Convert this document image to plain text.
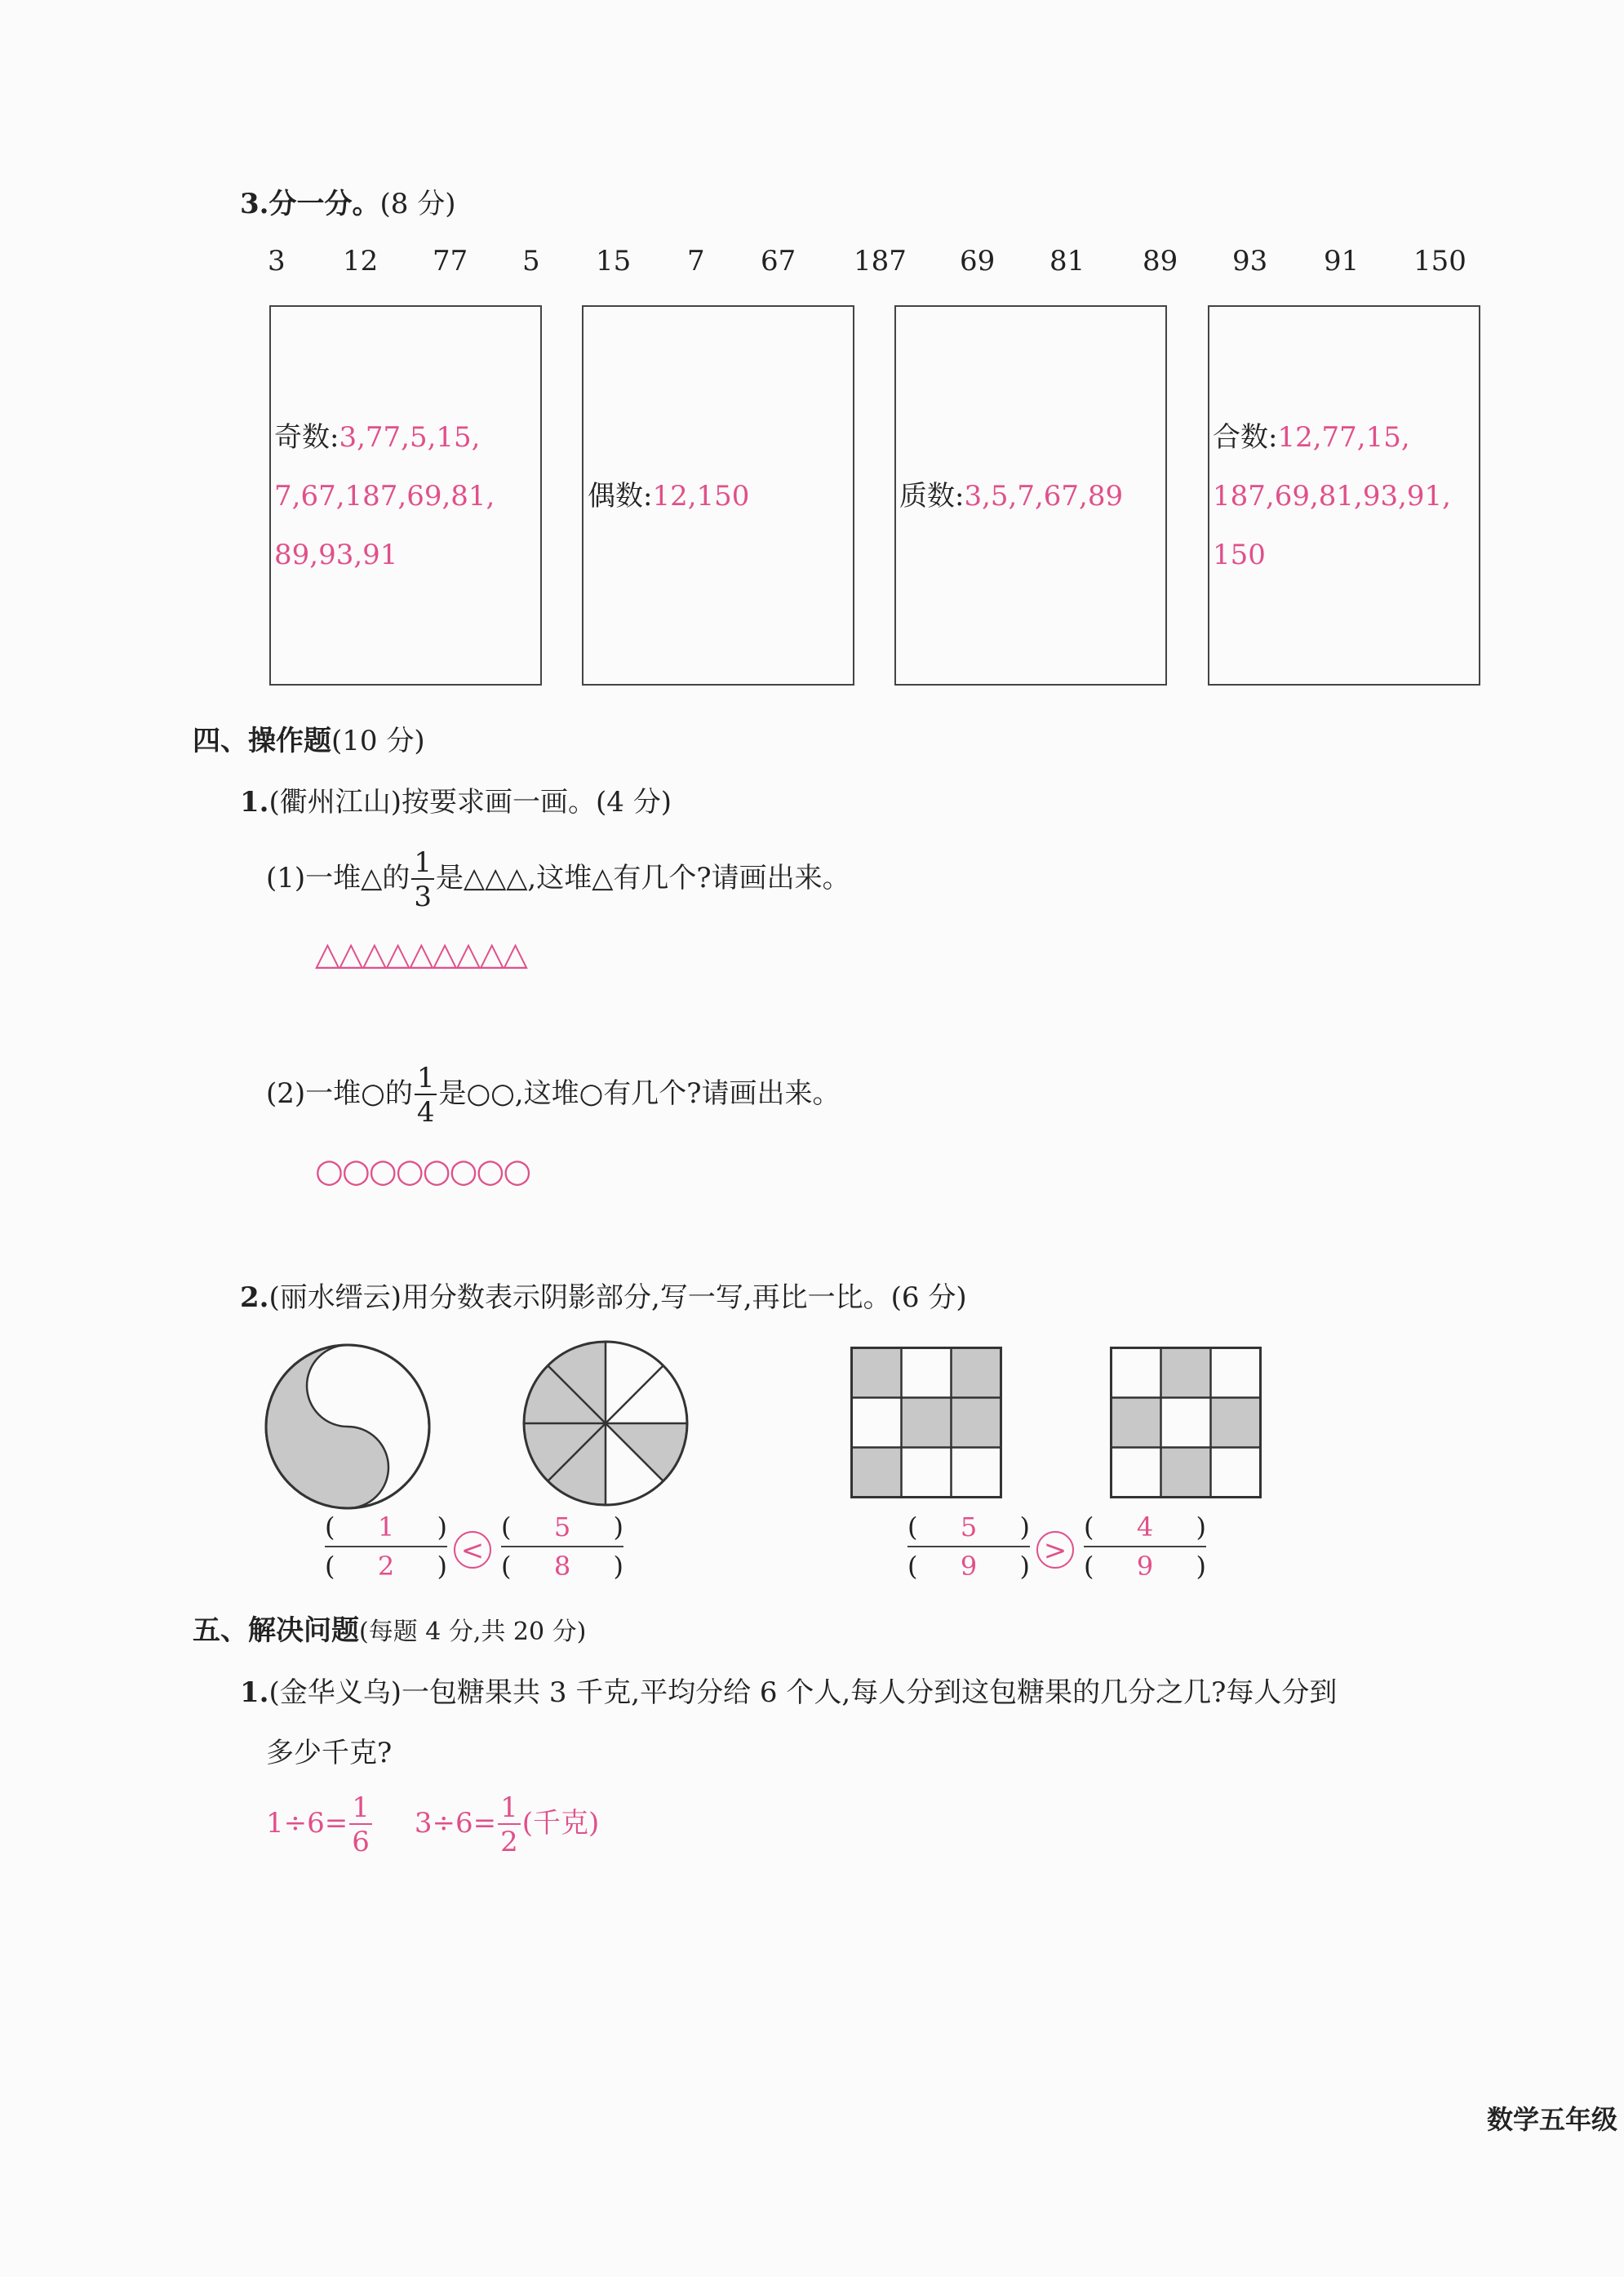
3.分一分。(8 分)
3 12 77 5 15 7 67 187 69 81 89 93 91 150
奇数:3,77,5,15,
7,67,187,69,81,
89,93,91
偶数:12,150	质数:3,5,7,67,89
合数:12,77,15,
187,69,81,93,91,
150
四、操作题(10 分)
1.(衢州江山)按要求画一画。(4 分)
(1)一堆△的 $\frac{1}{3}$ 是△△△,这堆△有几个?请画出来。
△△△△△△△△△
(2)一堆○的 $\frac{1}{4}$ 是○○,这堆○有几个?请画出来。
○○○○○○○○
2.(丽水缙云)用分数表示阴影部分,写一写,再比一比。(6 分)
( 1 )
( 2 ) <
( 5 )
( 8 )
( 5 )
( 9 ) >
( 4 )
( 9 )
五、解决问题(每题 4 分,共 20 分)
1.(金华义乌)一包糖果共 3 千克,平均分给 6 个人,每人分到这包糖果的几分之几?每人分到
多少千克?
$1\div 6= \frac{1}{6} 3\div 6= \frac{1}{2}$ (千克)
数学五年级
